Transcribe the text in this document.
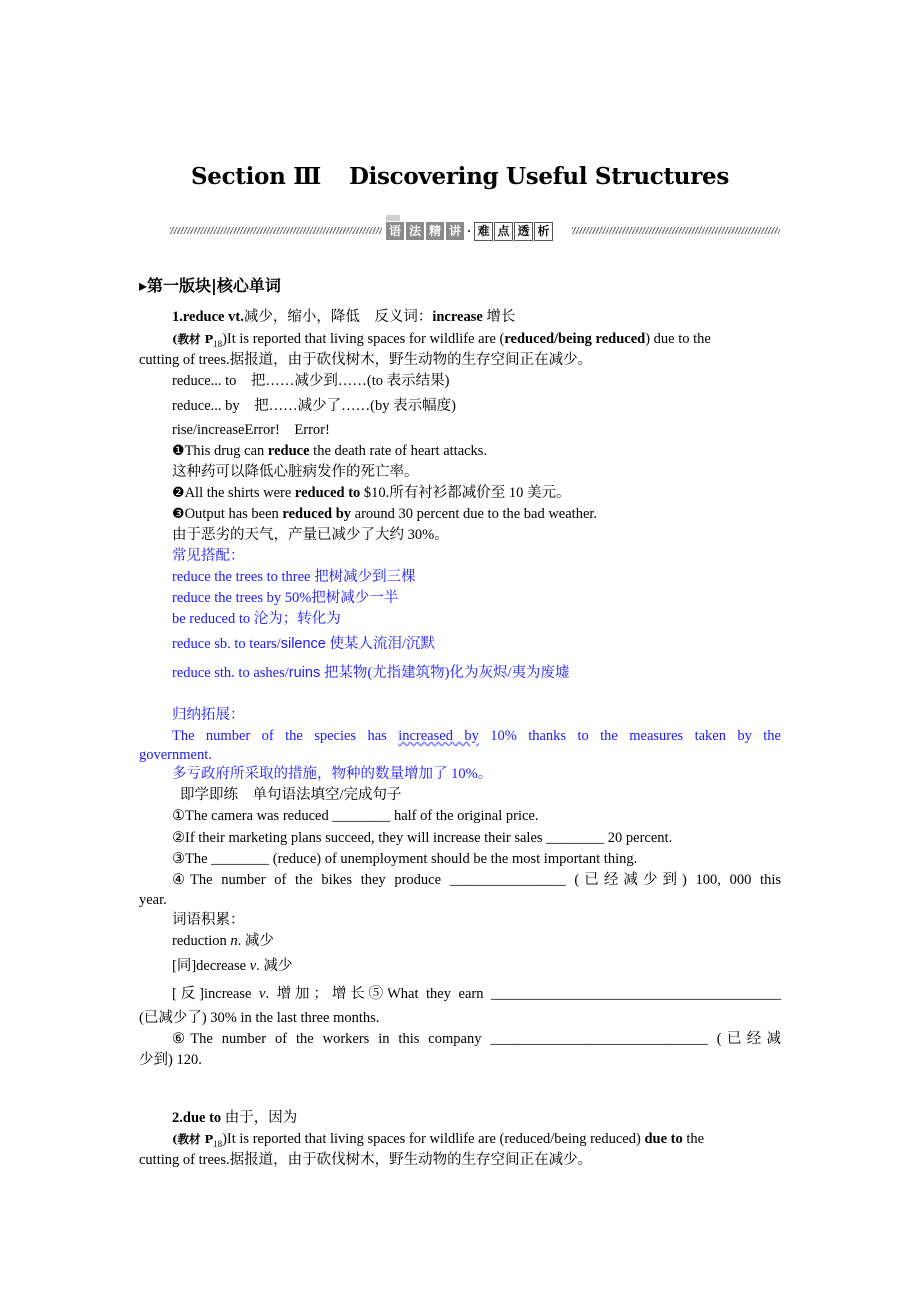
Section Ⅲ Discovering Useful Structures
语 法 精 讲 · 难 点 透 析
▸第一版块|核心单词
1.reduce vt.减少，缩小，降低　反义词：increase 增长
(教材 $P_{18})It$ is reported that living spaces for wildlife are (reduced/being reduced) due to the
cutting of trees.据报道，由于砍伐树木，野生动物的生存空间正在减少。
reduce... to　把……减少到……(to 表示结果)
reduce... by　把……减少了……(by 表示幅度)
rise/increaseError!　Error!
❶This drug can reduce the death rate of heart attacks.
这种药可以降低心脏病发作的死亡率。
❷All the shirts were reduced to $10.所有衬衫都减价至 10 美元。
❸Output has been reduced by around 30 percent due to the bad weather.
由于恶劣的天气，产量已减少了大约 30%。
常见搭配：
reduce the trees to three 把树减少到三棵
reduce the trees by 50%把树减少一半
be reduced to 沦为；转化为
reduce sb. to tears/silence 使某人流泪/沉默
reduce sth. to ashes/ruins 把某物(尤指建筑物)化为灰烬/夷为废墟
归纳拓展：
The number of the species has increased by 10% thanks to the measures taken by the
government.
多亏政府所采取的措施，物种的数量增加了 10%。
即学即练　单句语法填空/完成句子
①The camera was reduced ________ half of the original price.
②If their marketing plans succeed, they will increase their sales ________ 20 percent.
③The ________ (reduce) of unemployment should be the most important thing.
④The number of the bikes they produce ________________ (已经减少到) 100, 000 this
year.
词语积累：
reduction n. 减少
[同]decrease v. 减少
[反]increase v. 增加；增长⑤What they earn ________________________________________
(已减少了) 30% in the last three months.
⑥The number of the workers in this company ______________________________ (已经减
少到) 120.
2.due to 由于，因为
(教材 $P_{18})It$ is reported that living spaces for wildlife are (reduced/being reduced) due to the
cutting of trees.据报道，由于砍伐树木，野生动物的生存空间正在减少。
